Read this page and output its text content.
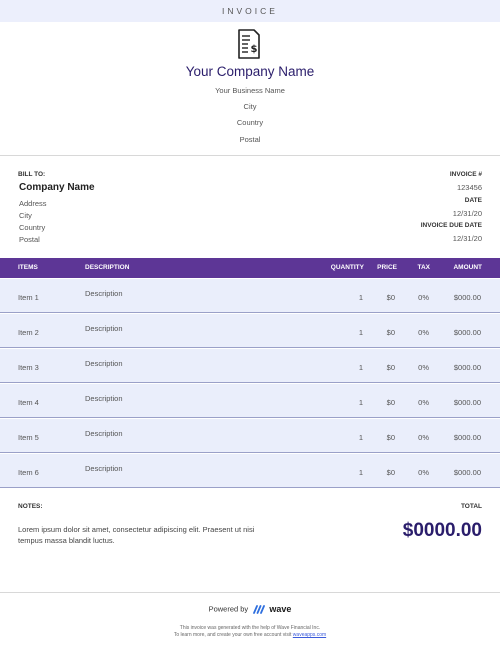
INVOICE
$
Your Company Name
Your Business Name
City
Country
Postal
BILL TO:
Company Name
Address
City
Country
Postal
INVOICE #
123456
DATE
12/31/20
INVOICE DUE DATE
12/31/20
ITEMS	DESCRIPTION	QUANTITY PRICE	TAX	AMOUNT
Item 1	Description	1	$0	0%	$000.00
Item 2	Description	1	$0	0%	$000.00
Item 3	Description	1	$0	0%	$000.00
Item 4	Description	1	$0	0%	$000.00
Item 5	Description	1	$0	0%	$000.00
Item 6	Description	1	$0	0%	$000.00
NOTES:
Lorem ipsum dolor sit amet, consectetur adipiscing elit. Praesent ut nisi tempus massa blandit luctus.
TOTAL
$0000.00
Powered by wave
This invoice was generated with the help of Wave Financial Inc.
To learn more, and create your own free account visit waveapps.com
